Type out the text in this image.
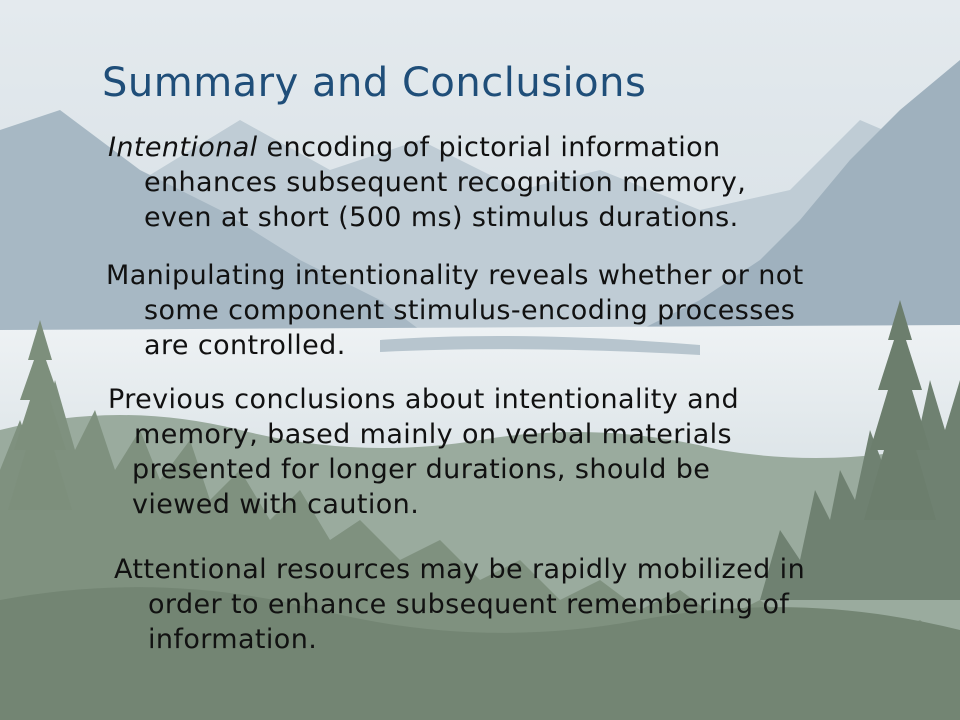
Summary and Conclusions
Intentional encoding of pictorial information
enhances subsequent recognition memory,
even at short (500 ms) stimulus durations.
Manipulating intentionality reveals whether or not
some component stimulus-encoding processes
are controlled.
Previous conclusions about intentionality and
memory, based mainly on verbal materials
presented for longer durations, should be
viewed with caution.
Attentional resources may be rapidly mobilized in
order to enhance subsequent remembering of
information.
